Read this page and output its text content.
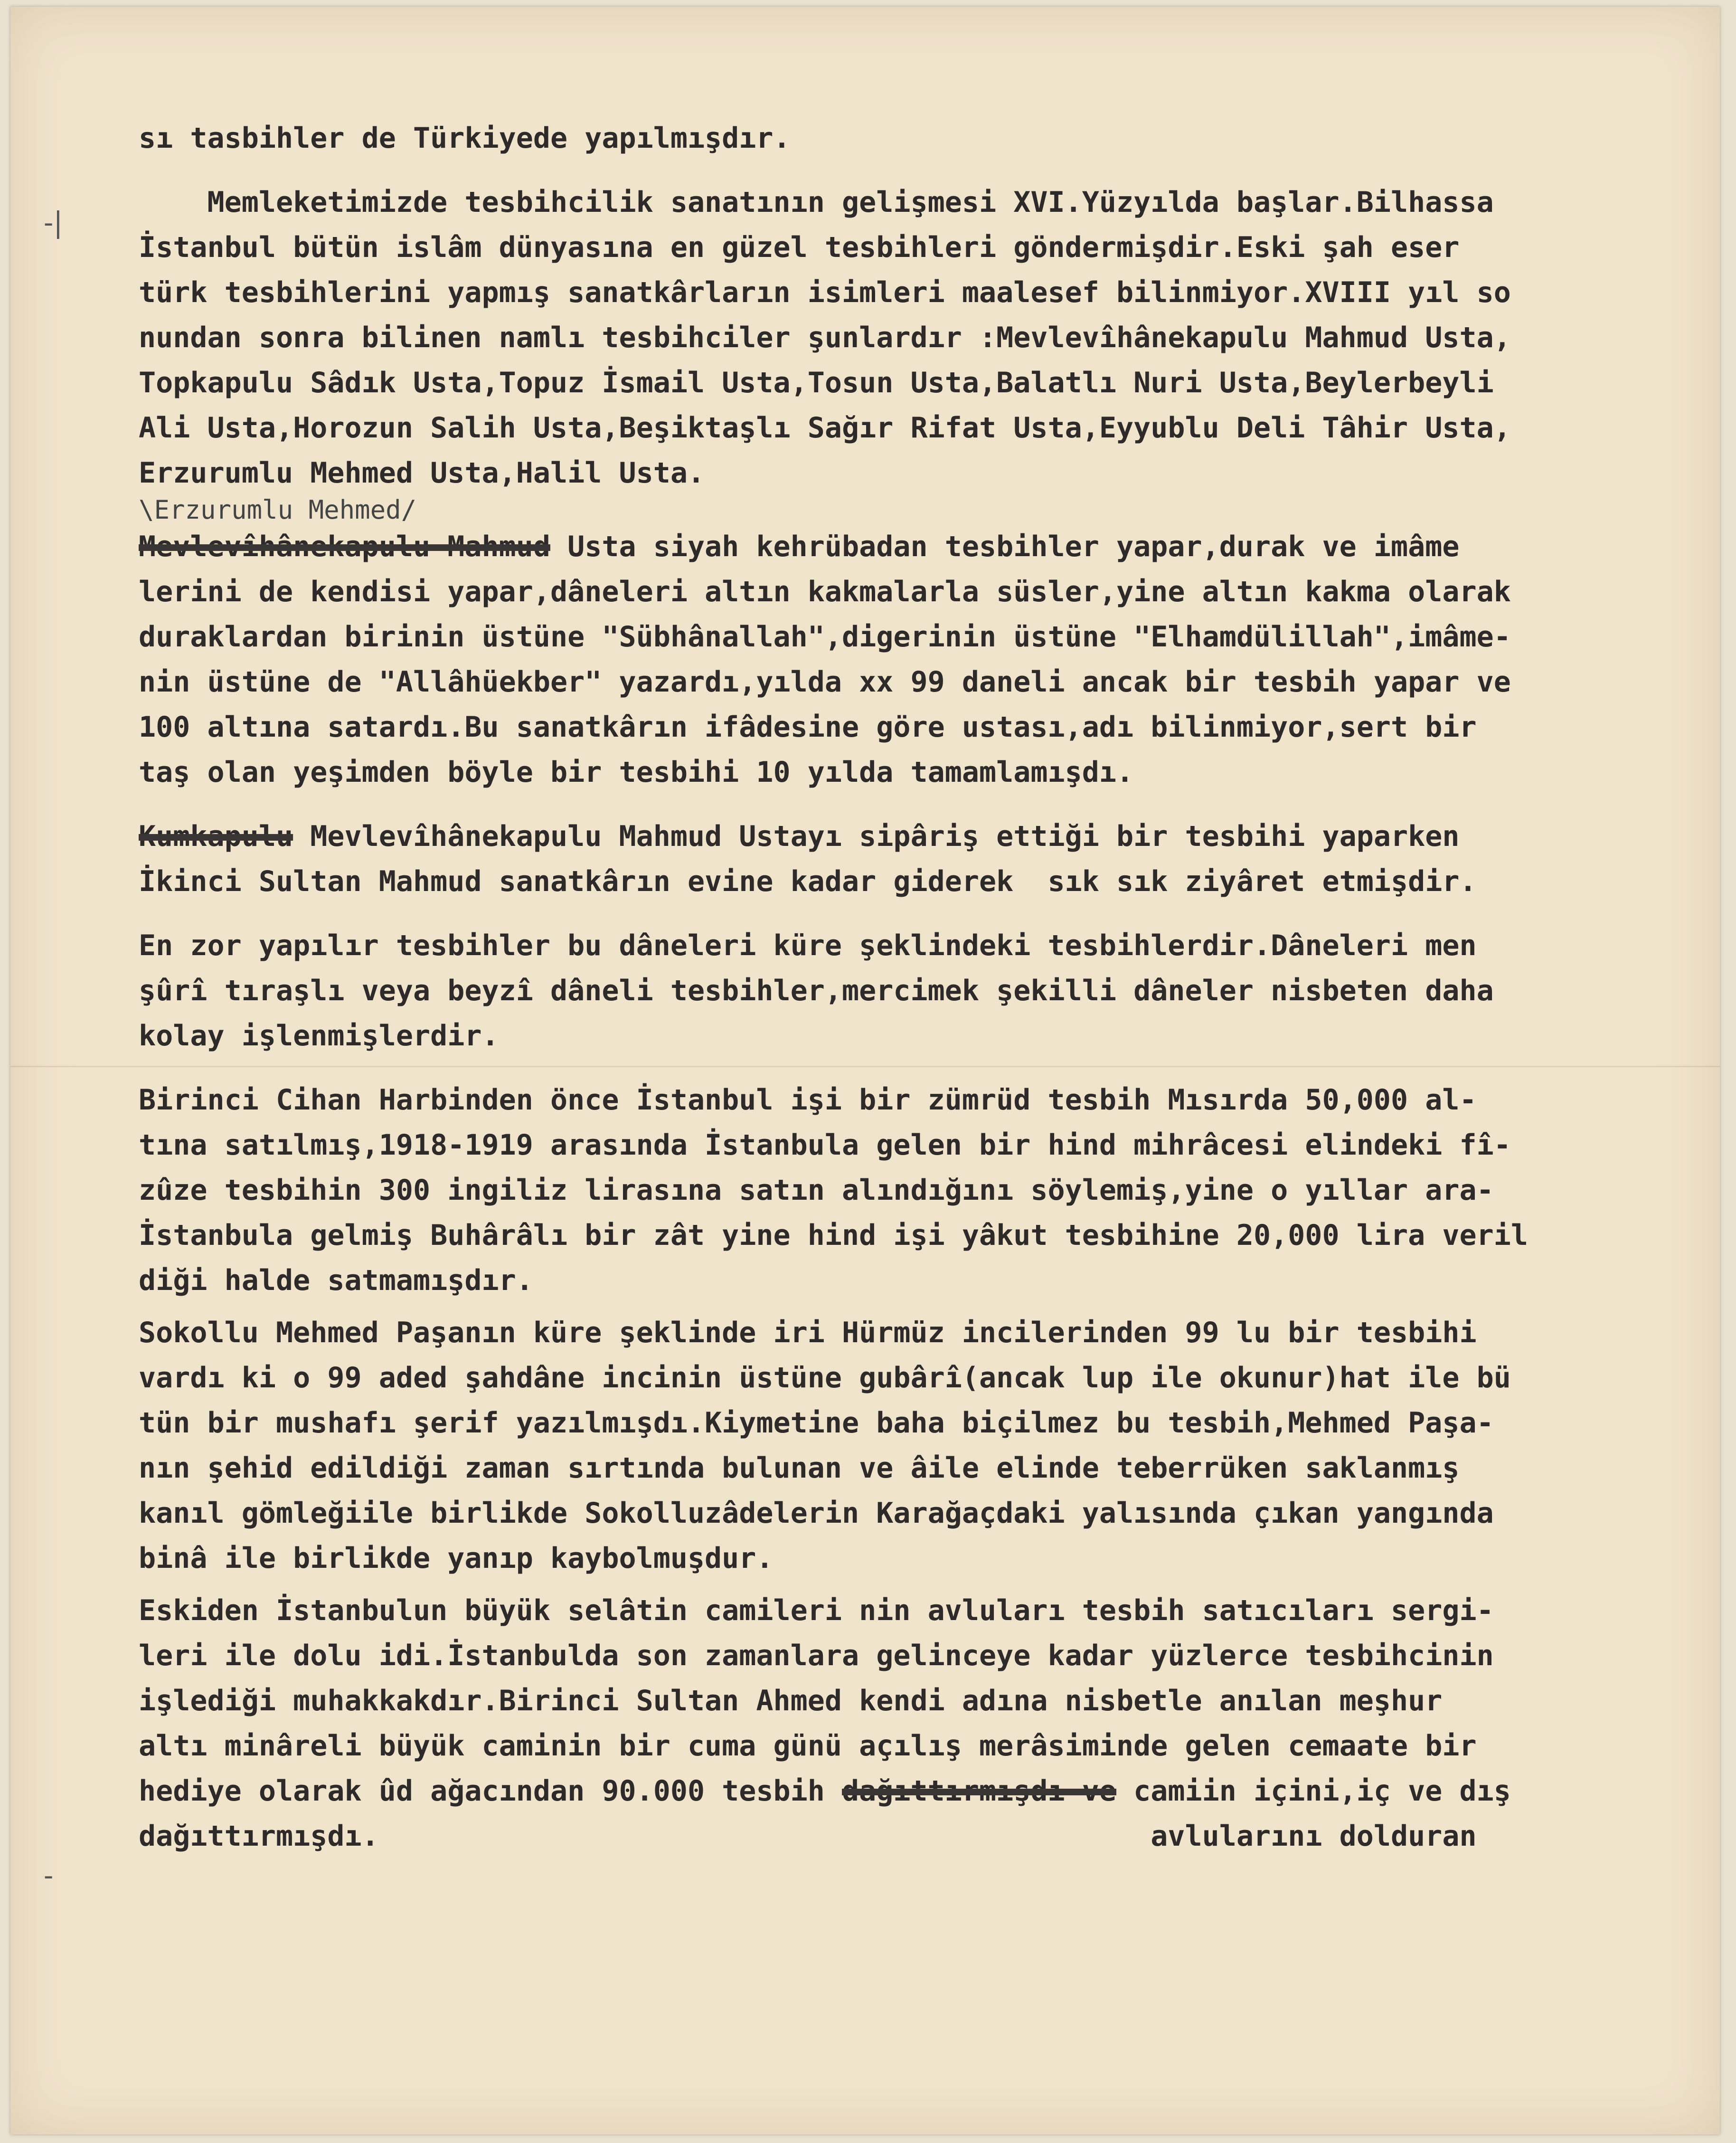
‑|
-
sı tasbihler de Türkiyede yapılmışdır.
Memleketimizde tesbihcilik sanatının gelişmesi XVI.Yüzyılda başlar.Bilhassa
İstanbul bütün islâm dünyasına en güzel tesbihleri göndermişdir.Eski şah eser
türk tesbihlerini yapmış sanatkârların isimleri maalesef bilinmiyor.XVIII yıl so
nundan sonra bilinen namlı tesbihciler şunlardır :Mevlevîhânekapulu Mahmud Usta,
Topkapulu Sâdık Usta,Topuz İsmail Usta,Tosun Usta,Balatlı Nuri Usta,Beylerbeyli
Ali Usta,Horozun Salih Usta,Beşiktaşlı Sağır Rifat Usta,Eyyublu Deli Tâhir Usta,
Erzurumlu Mehmed Usta,Halil Usta.
\Erzurumlu Mehmed/
Mevlevîhânekapulu Mahmud Usta siyah kehrübadan tesbihler yapar,durak ve imâme
lerini de kendisi yapar,dâneleri altın kakmalarla süsler,yine altın kakma olarak
duraklardan birinin üstüne "Sübhânallah",digerinin üstüne "Elhamdülillah",imâme-
nin üstüne de "Allâhüekber" yazardı,yılda xx 99 daneli ancak bir tesbih yapar ve
100 altına satardı.Bu sanatkârın ifâdesine göre ustası,adı bilinmiyor,sert bir
taş olan yeşimden böyle bir tesbihi 10 yılda tamamlamışdı.
Kumkapulu Mevlevîhânekapulu Mahmud Ustayı sipâriş ettiği bir tesbihi yaparken
İkinci Sultan Mahmud sanatkârın evine kadar giderek  sık sık ziyâret etmişdir.
En zor yapılır tesbihler bu dâneleri küre şeklindeki tesbihlerdir.Dâneleri men
şûrî tıraşlı veya beyzî dâneli tesbihler,mercimek şekilli dâneler nisbeten daha
kolay işlenmişlerdir.
Birinci Cihan Harbinden önce İstanbul işi bir zümrüd tesbih Mısırda 50,000 al-
tına satılmış,1918-1919 arasında İstanbula gelen bir hind mihrâcesi elindeki fî-
zûze tesbihin 300 ingiliz lirasına satın alındığını söylemiş,yine o yıllar ara-
İstanbula gelmiş Buhârâlı bir zât yine hind işi yâkut tesbihine 20,000 lira veril
diği halde satmamışdır.
Sokollu Mehmed Paşanın küre şeklinde iri Hürmüz incilerinden 99 lu bir tesbihi
vardı ki o 99 aded şahdâne incinin üstüne gubârî(ancak lup ile okunur)hat ile bü
tün bir mushafı şerif yazılmışdı.Kiymetine baha biçilmez bu tesbih,Mehmed Paşa-
nın şehid edildiği zaman sırtında bulunan ve âile elinde teberrüken saklanmış
kanıl gömleğiile birlikde Sokolluzâdelerin Karağaçdaki yalısında çıkan yangında
binâ ile birlikde yanıp kaybolmuşdur.
Eskiden İstanbulun büyük selâtin camileri nin avluları tesbih satıcıları sergi-
leri ile dolu idi.İstanbulda son zamanlara gelinceye kadar yüzlerce tesbihcinin
işlediği muhakkakdır.Birinci Sultan Ahmed kendi adına nisbetle anılan meşhur
altı minâreli büyük caminin bir cuma günü açılış merâsiminde gelen cemaate bir
hediye olarak ûd ağacından 90.000 tesbih dağıttırmışdı ve camiin içini,iç ve dış
dağıttırmışdı.                                             avlularını dolduran
